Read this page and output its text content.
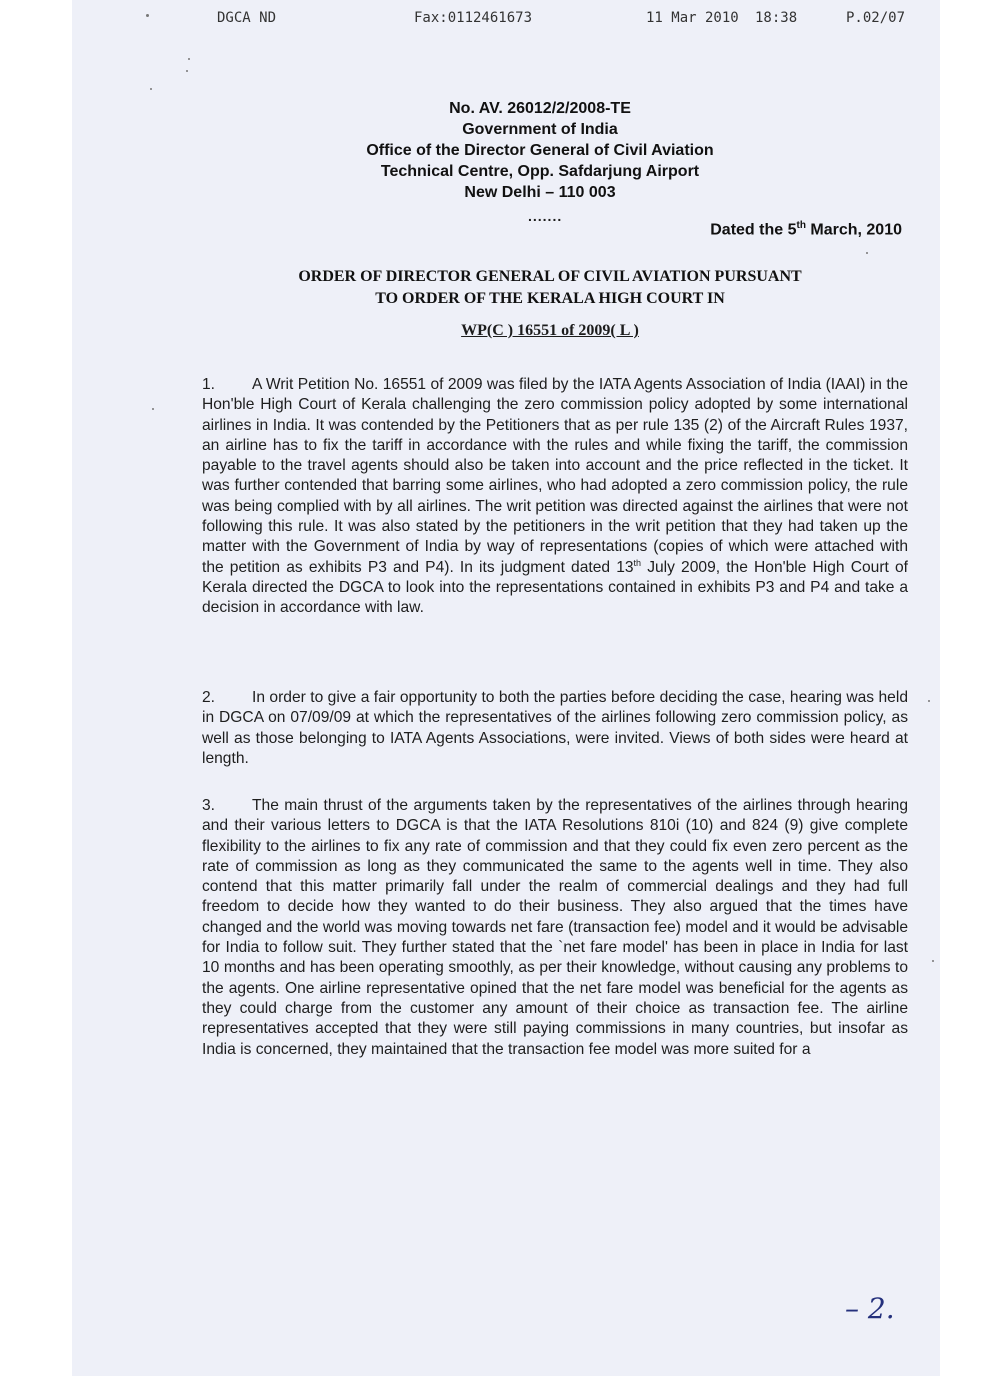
DGCA ND	Fax:0112461673	11 Mar 2010 18:38	P.02/07
No. AV. 26012/2/2008-TE
Government of India
Office of the Director General of Civil Aviation
Technical Centre, Opp. Safdarjung Airport
New Delhi – 110 003
.......
Dated the 5th March, 2010
ORDER OF DIRECTOR GENERAL OF CIVIL AVIATION PURSUANT
TO ORDER OF THE KERALA HIGH COURT IN
WP(C ) 16551 of 2009( L )
1. A Writ Petition No. 16551 of 2009 was filed by the IATA Agents Association of India (IAAI) in the Hon'ble High Court of Kerala challenging the zero commission policy adopted by some international airlines in India. It was contended by the Petitioners that as per rule 135 (2) of the Aircraft Rules 1937, an airline has to fix the tariff in accordance with the rules and while fixing the tariff, the commission payable to the travel agents should also be taken into account and the price reflected in the ticket. It was further contended that barring some airlines, who had adopted a zero commission policy, the rule was being complied with by all airlines. The writ petition was directed against the airlines that were not following this rule. It was also stated by the petitioners in the writ petition that they had taken up the matter with the Government of India by way of representations (copies of which were attached with the petition as exhibits P3 and P4). In its judgment dated 13th July 2009, the Hon'ble High Court of Kerala directed the DGCA to look into the representations contained in exhibits P3 and P4 and take a decision in accordance with law.
2. In order to give a fair opportunity to both the parties before deciding the case, hearing was held in DGCA on 07/09/09 at which the representatives of the airlines following zero commission policy, as well as those belonging to IATA Agents Associations, were invited. Views of both sides were heard at length.
3. The main thrust of the arguments taken by the representatives of the airlines through hearing and their various letters to DGCA is that the IATA Resolutions 810i (10) and 824 (9) give complete flexibility to the airlines to fix any rate of commission and that they could fix even zero percent as the rate of commission as long as they communicated the same to the agents well in time. They also contend that this matter primarily fall under the realm of commercial dealings and they had full freedom to decide how they wanted to do their business. They also argued that the times have changed and the world was moving towards net fare (transaction fee) model and it would be advisable for India to follow suit. They further stated that the `net fare model' has been in place in India for last 10 months and has been operating smoothly, as per their knowledge, without causing any problems to the agents. One airline representative opined that the net fare model was beneficial for the agents as they could charge from the customer any amount of their choice as transaction fee. The airline representatives accepted that they were still paying commissions in many countries, but insofar as India is concerned, they maintained that the transaction fee model was more suited for a
– 2.
